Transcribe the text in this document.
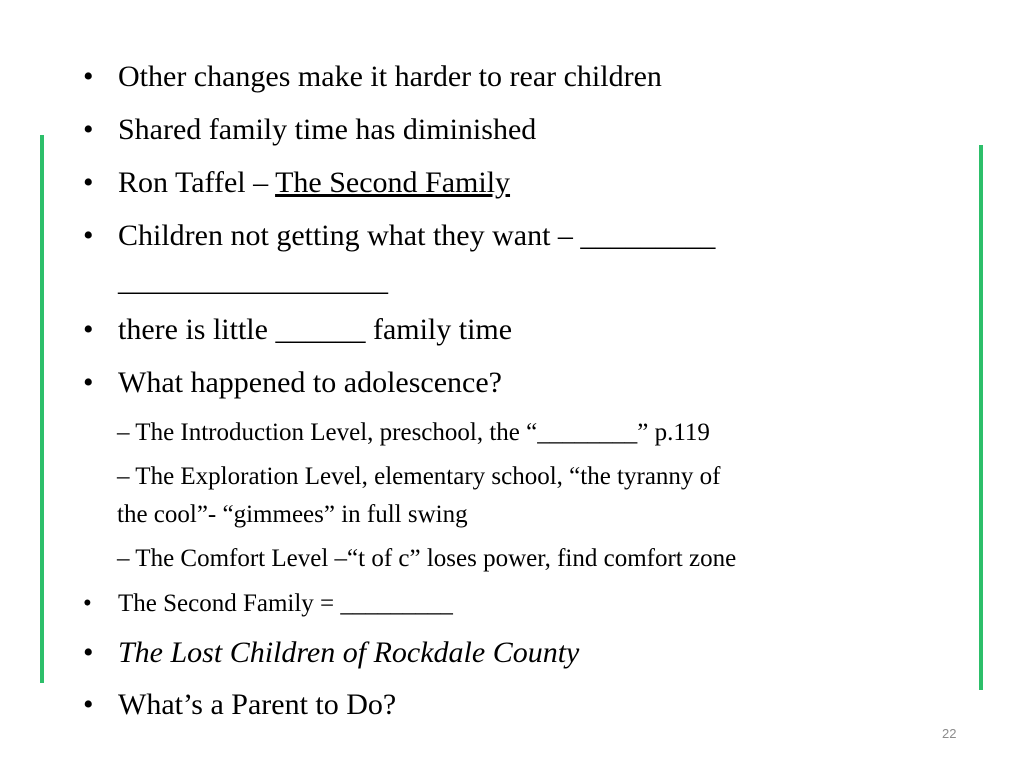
• Other changes make it harder to rear children
• Shared family time has diminished
• Ron Taffel – The Second Family
• Children not getting what they want – _________
__________________
• there is little ______ family time
• What happened to adolescence?
– The Introduction Level, preschool, the “________” p.119
– The Exploration Level, elementary school, “the tyranny of
the cool”- “gimmees” in full swing
– The Comfort Level –“t of c” loses power, find comfort zone
• The Second Family = _________
• The Lost Children of Rockdale County
• What’s a Parent to Do?
22
